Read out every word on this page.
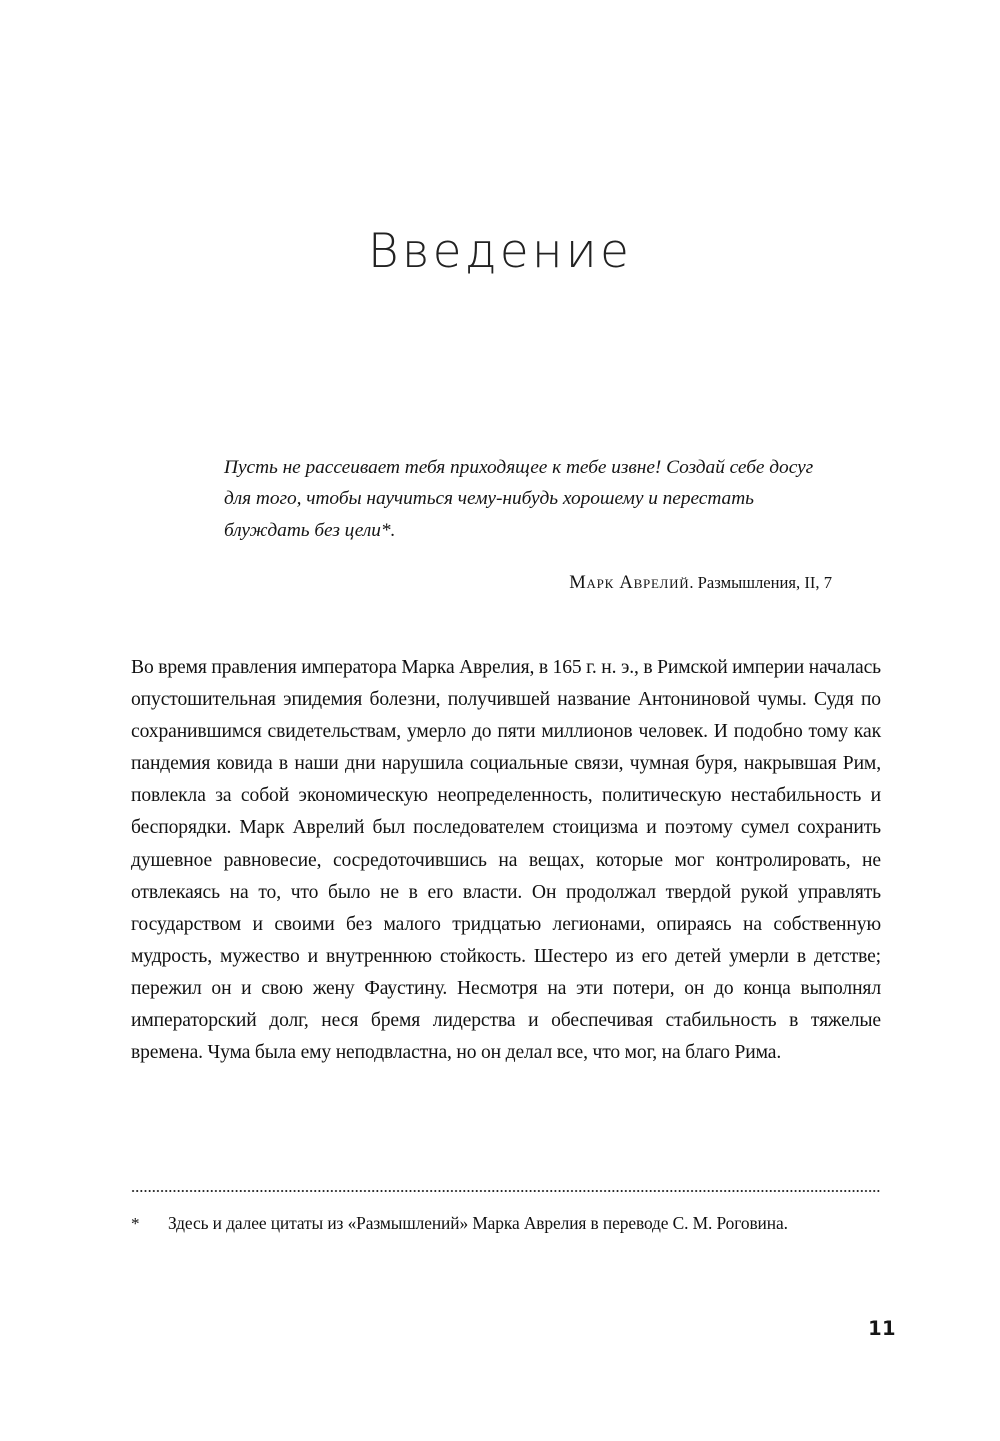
Введение

Пусть не рассеивает тебя приходящее к тебе извне! Создай себе досуг для того, чтобы научиться чему-нибудь хорошему и перестать блуждать без цели*.

Марк Аврелий. Размышления, II, 7

Во время правления императора Марка Аврелия, в 165 г. н. э., в Римской империи началась опустошительная эпидемия болезни, получившей название Антониновой чумы. Судя по сохранившимся свидетельствам, умерло до пяти миллионов человек. И подобно тому как пандемия ковида в наши дни нарушила социальные связи, чумная буря, накрывшая Рим, повлекла за собой экономическую неопределенность, политическую нестабильность и беспорядки. Марк Аврелий был последователем стоицизма и поэтому сумел сохранить душевное равновесие, сосредоточившись на вещах, которые мог контролировать, не отвлекаясь на то, что было не в его власти. Он продолжал твердой рукой управлять государством и своими без малого тридцатью легионами, опираясь на собственную мудрость, мужество и внутреннюю стойкость. Шестеро из его детей умерли в детстве; пережил он и свою жену Фаустину. Несмотря на эти потери, он до конца выполнял императорский долг, неся бремя лидерства и обеспечивая стабильность в тяжелые времена. Чума была ему неподвластна, но он делал все, что мог, на благо Рима.

*	Здесь и далее цитаты из «Размышлений» Марка Аврелия в переводе С. М. Роговина.
11
